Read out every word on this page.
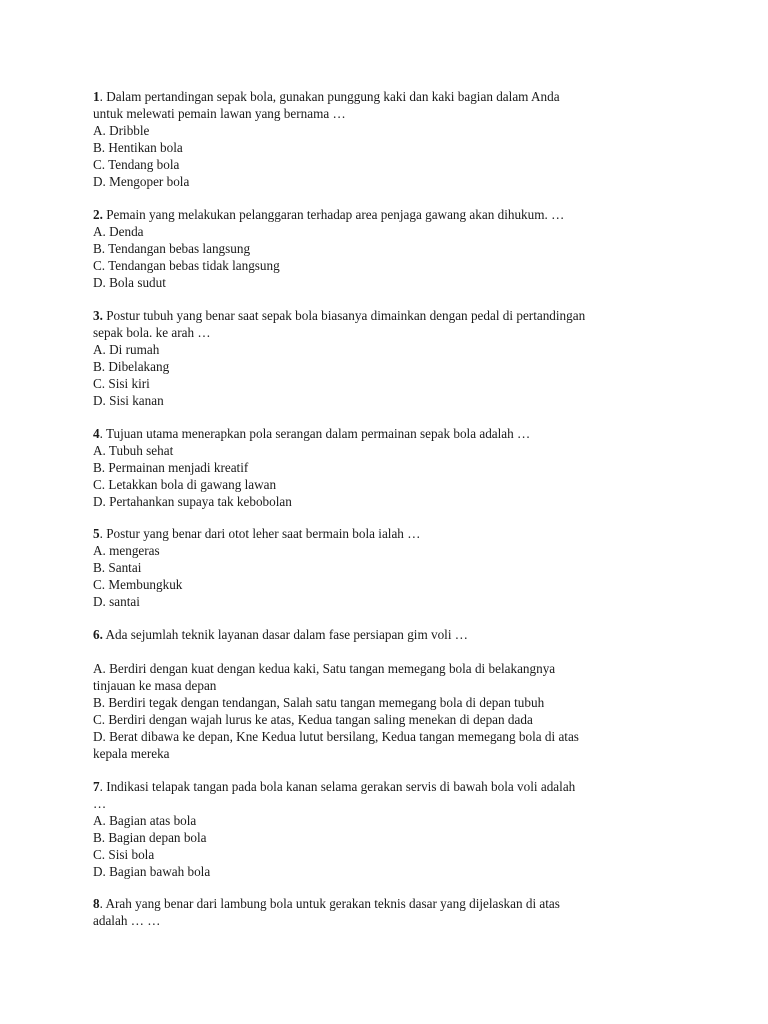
1. Dalam pertandingan sepak bola, gunakan punggung kaki dan kaki bagian dalam Anda
untuk melewati pemain lawan yang bernama …
A. Dribble
B. Hentikan bola
C. Tendang bola
D. Mengoper bola
2. Pemain yang melakukan pelanggaran terhadap area penjaga gawang akan dihukum. …
A. Denda
B. Tendangan bebas langsung
C. Tendangan bebas tidak langsung
D. Bola sudut
3. Postur tubuh yang benar saat sepak bola biasanya dimainkan dengan pedal di pertandingan
sepak bola. ke arah …
A. Di rumah
B. Dibelakang
C. Sisi kiri
D. Sisi kanan
4. Tujuan utama menerapkan pola serangan dalam permainan sepak bola adalah …
A. Tubuh sehat
B. Permainan menjadi kreatif
C. Letakkan bola di gawang lawan
D. Pertahankan supaya tak kebobolan
5. Postur yang benar dari otot leher saat bermain bola ialah …
A. mengeras
B. Santai
C. Membungkuk
D. santai
6. Ada sejumlah teknik layanan dasar dalam fase persiapan gim voli …
A. Berdiri dengan kuat dengan kedua kaki, Satu tangan memegang bola di belakangnya
tinjauan ke masa depan
B. Berdiri tegak dengan tendangan, Salah satu tangan memegang bola di depan tubuh
C. Berdiri dengan wajah lurus ke atas, Kedua tangan saling menekan di depan dada
D. Berat dibawa ke depan, Kne Kedua lutut bersilang, Kedua tangan memegang bola di atas
kepala mereka
7. Indikasi telapak tangan pada bola kanan selama gerakan servis di bawah bola voli adalah
…
A. Bagian atas bola
B. Bagian depan bola
C. Sisi bola
D. Bagian bawah bola
8. Arah yang benar dari lambung bola untuk gerakan teknis dasar yang dijelaskan di atas
adalah … …
